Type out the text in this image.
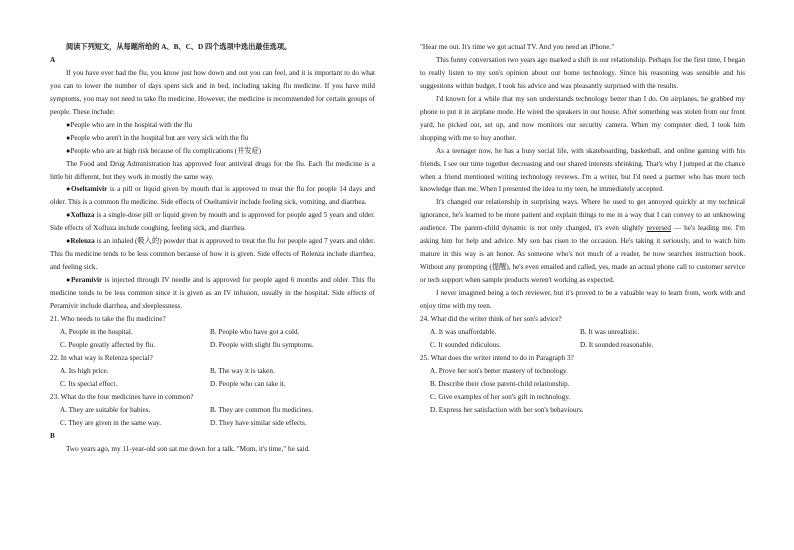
阅读下列短文，从每题所给的 A、B、C、D 四个选项中选出最佳选项。

A

If you have ever had the flu, you know just how down and out you can feel, and it is important to do what you can to lower the number of days spent sick and in bed, including taking flu medicine. If you have mild symptoms, you may not need to take flu medicine. However, the medicine is recommended for certain groups of people. These include:

●People who are in the hospital with the flu

●People who aren't in the hospital but are very sick with the flu

●People who are at high risk because of flu complications (并发症)

The Food and Drug Administration has approved four antiviral drugs for the flu. Each flu medicine is a little bit different, but they work in mostly the same way.

●Oseltamivir is a pill or liquid given by mouth that is approved to treat the flu for people 14 days and older. This is a common flu medicine. Side effects of Oseltamivir include feeling sick, vomiting, and diarrhea.

●Xofluza is a single-dose pill or liquid given by mouth and is approved for people aged 5 years and older. Side effects of Xofluza include coughing, feeling sick, and diarrhea.

●Relenza is an inhaled (吸入的) powder that is approved to treat the flu for people aged 7 years and older. This flu medicine tends to be less common because of how it is given. Side effects of Relenza include diarrhea, and feeling sick.

●Peramivir is injected through IV needle and is approved for people aged 6 months and older. This flu medicine tends to be less common since it is given as an IV infusion, usually in the hospital. Side effects of Peramivir include diarrhea, and sleeplessness.

21. Who needs to take the flu medicine?

A. People in the hospital.	B. People who have got a cold.
C. People greatly affected by flu.	D. People with slight flu symptoms.

22. In what way is Relenza special?

A. Its high price.	B. The way it is taken.
C. Its special effect.	D. People who can take it.

23. What do the four medicines have in common?

A. They are suitable for babies.	B. They are common flu medicines.
C. They are given in the same way.	D. They have similar side effects.

B

Two years ago, my 11-year-old son sat me down for a talk. "Mom, it's time," he said.

"Hear me out. It's time we got actual TV. And you need an iPhone."

This funny conversation two years ago marked a shift in our relationship. Perhaps for the first time, I began to really listen to my son's opinion about our home technology. Since his reasoning was sensible and his suggestions within budget, I took his advice and was pleasantly surprised with the results.

I'd known for a while that my son understands technology better than I do. On airplanes, he grabbed my phone to put it in airplane mode. He wired the speakers in our house. After something was stolen from our front yard, he picked out, set up, and now monitors our security camera. When my computer died, I took him shopping with me to buy another.

As a teenager now, he has a busy social life, with skateboarding, basketball, and online gaming with his friends. I see our time together decreasing and our shared interests shrinking. That's why I jumped at the chance when a friend mentioned writing technology reviews. I'm a writer, but I'd need a partner who has more tech knowledge than me. When I presented the idea to my teen, he immediately accepted.

It's changed our relationship in surprising ways. Where he used to get annoyed quickly at my technical ignorance, he's learned to be more patient and explain things to me in a way that I can convey to an unknowing audience. The parent-child dynamic is not only changed, it's even slightly reversed — he's leading me. I'm asking him for help and advice. My son has risen to the occasion. He's taking it seriously, and to watch him mature in this way is an honor. As someone who's not much of a reader, he now searches instruction book. Without any prompting (提醒), he's even emailed and called, yes, made an actual phone call to customer service or tech support when sample products weren't working as expected.

I never imagined being a tech reviewer, but it's proved to be a valuable way to learn from, work with and enjoy time with my teen.

24. What did the writer think of her son's advice?

A. It was unaffordable.	B. It was unrealistic.
C. It sounded ridiculous.	D. It sounded reasonable.

25. What does the writer intend to do in Paragraph 3?

A. Prove her son's better mastery of technology.

B. Describe their close parent-child relationship.

C. Give examples of her son's gift in technology.

D. Express her satisfaction with her son's behaviours.
